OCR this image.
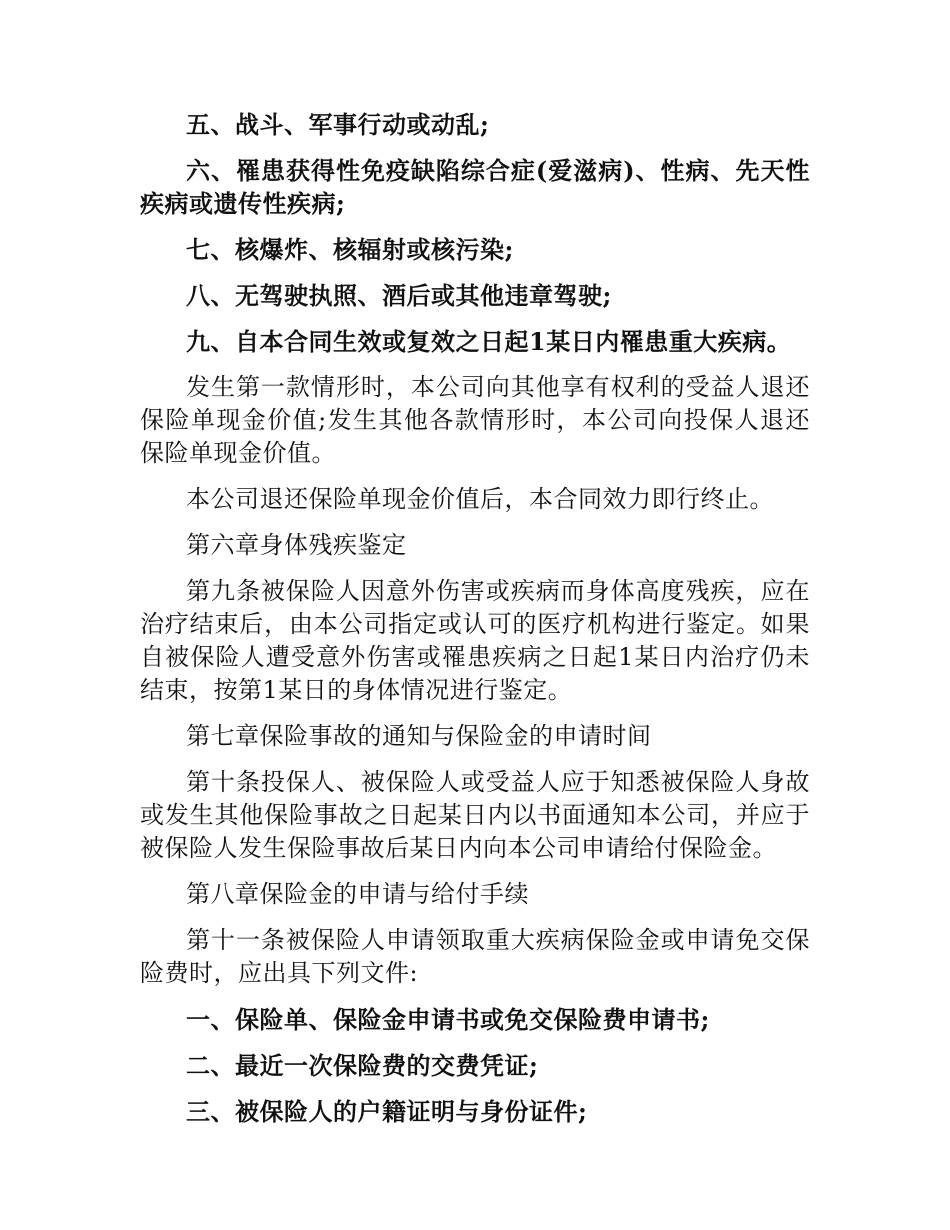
五、战斗、军事行动或动乱;

六、罹患获得性免疫缺陷综合症(爱滋病)、性病、先天性疾病或遗传性疾病;

七、核爆炸、核辐射或核污染;

八、无驾驶执照、酒后或其他违章驾驶;

九、自本合同生效或复效之日起1某日内罹患重大疾病。

发生第一款情形时，本公司向其他享有权利的受益人退还保险单现金价值;发生其他各款情形时，本公司向投保人退还保险单现金价值。

本公司退还保险单现金价值后，本合同效力即行终止。

第六章身体残疾鉴定

第九条被保险人因意外伤害或疾病而身体高度残疾，应在治疗结束后，由本公司指定或认可的医疗机构进行鉴定。如果自被保险人遭受意外伤害或罹患疾病之日起1某日内治疗仍未结束，按第1某日的身体情况进行鉴定。

第七章保险事故的通知与保险金的申请时间

第十条投保人、被保险人或受益人应于知悉被保险人身故或发生其他保险事故之日起某日内以书面通知本公司，并应于被保险人发生保险事故后某日内向本公司申请给付保险金。

第八章保险金的申请与给付手续

第十一条被保险人申请领取重大疾病保险金或申请免交保险费时，应出具下列文件:

一、保险单、保险金申请书或免交保险费申请书;

二、最近一次保险费的交费凭证;

三、被保险人的户籍证明与身份证件;
